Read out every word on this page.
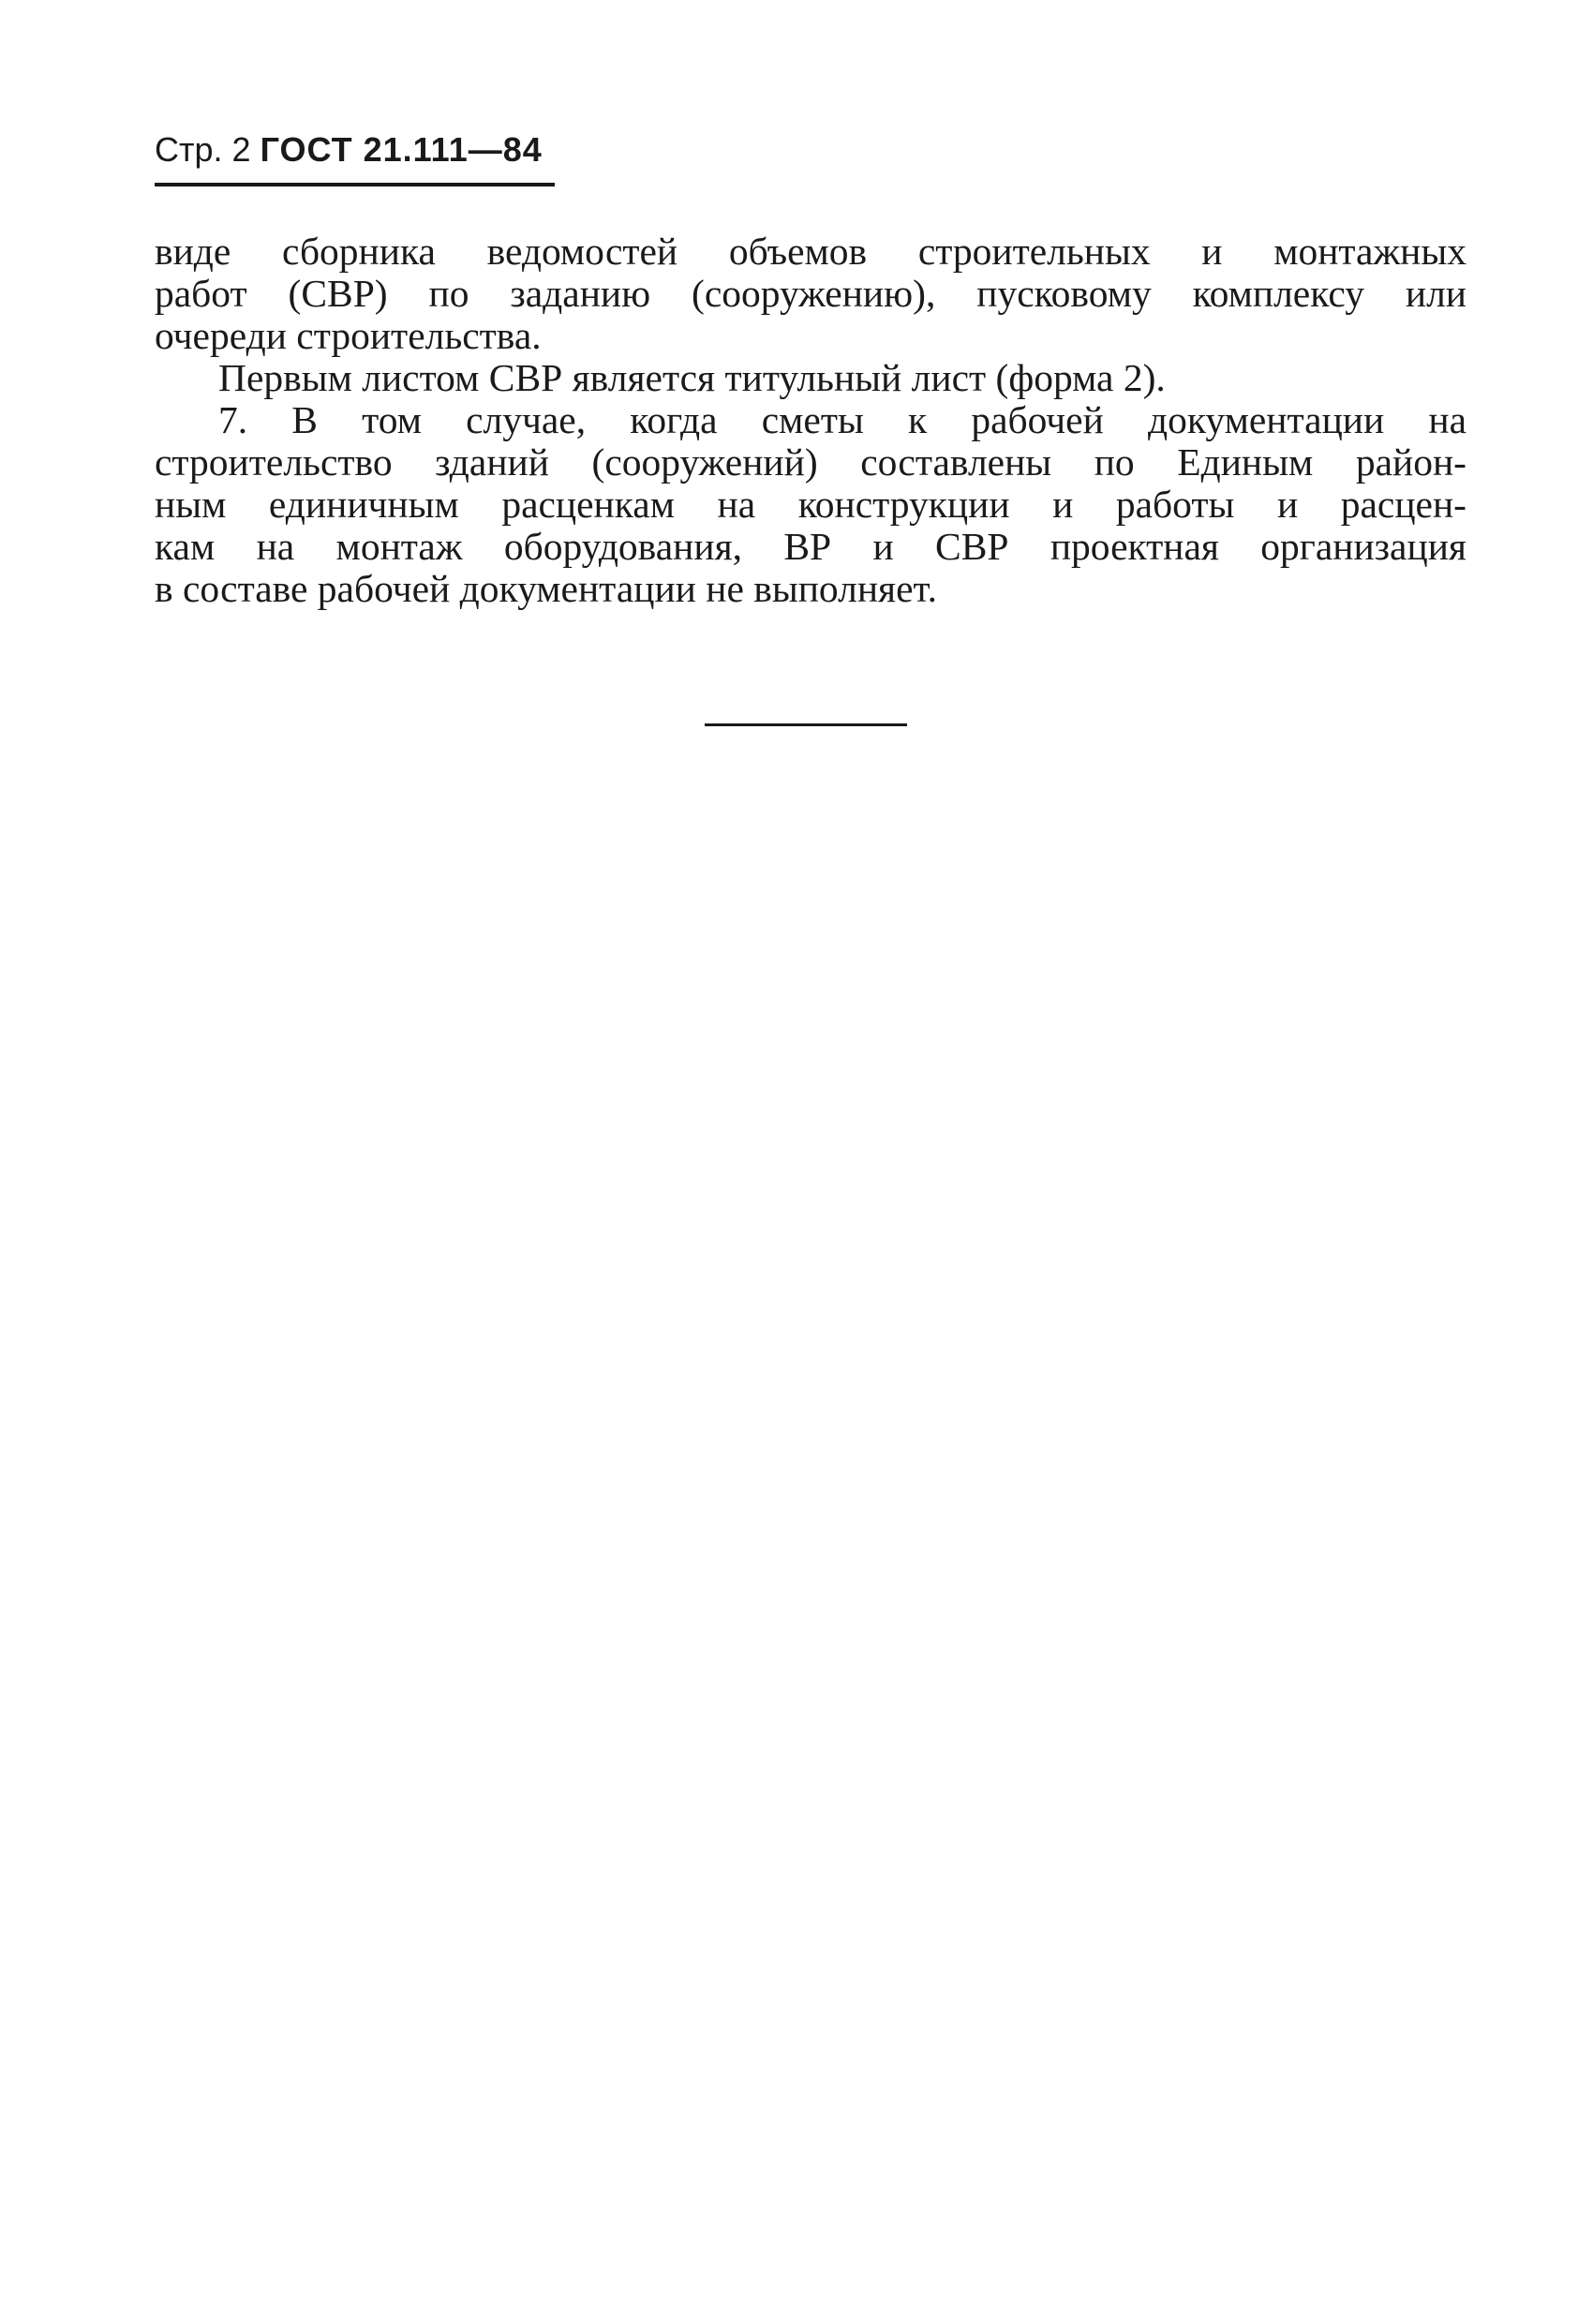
Стр. 2 ГОСТ 21.111—84
виде сборника ведомостей объемов строительных и монтажных
работ (СВР) по заданию (сооружению), пусковому комплексу или
очереди строительства.
Первым листом СВР является титульный лист (форма 2).
7. В том случае, когда сметы к рабочей документации на
строительство зданий (сооружений) составлены по Единым район-
ным единичным расценкам на конструкции и работы и расцен-
кам на монтаж оборудования, ВР и СВР проектная организация
в составе рабочей документации не выполняет.
